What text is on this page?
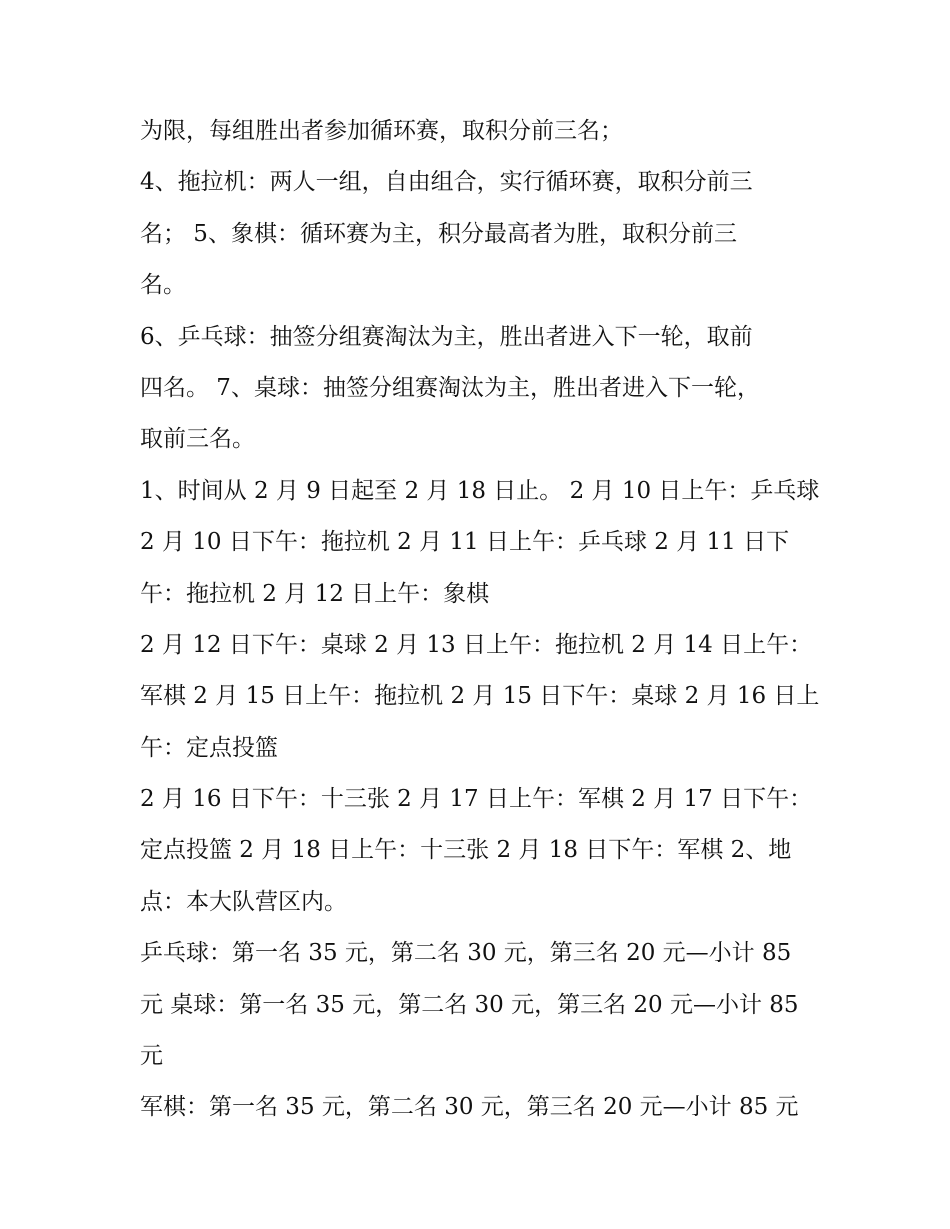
为限，每组胜出者参加循环赛，取积分前三名；
4、拖拉机：两人一组，自由组合，实行循环赛，取积分前三
名； 5、象棋：循环赛为主，积分最高者为胜，取积分前三
名。
6、乒乓球：抽签分组赛淘汰为主，胜出者进入下一轮，取前
四名。 7、桌球：抽签分组赛淘汰为主，胜出者进入下一轮，
取前三名。
1、时间从 2 月 9 日起至 2 月 18 日止。 2 月 10 日上午：乒乓球
2 月 10 日下午：拖拉机 2 月 11 日上午：乒乓球 2 月 11 日下
午：拖拉机 2 月 12 日上午：象棋
2 月 12 日下午：桌球 2 月 13 日上午：拖拉机 2 月 14 日上午：
军棋 2 月 15 日上午：拖拉机 2 月 15 日下午：桌球 2 月 16 日上
午：定点投篮
2 月 16 日下午：十三张 2 月 17 日上午：军棋 2 月 17 日下午：
定点投篮 2 月 18 日上午：十三张 2 月 18 日下午：军棋 2、地
点：本大队营区内。
乒乓球：第一名 35 元，第二名 30 元，第三名 20 元—小计 85
元 桌球：第一名 35 元，第二名 30 元，第三名 20 元—小计 85
元
军棋：第一名 35 元，第二名 30 元，第三名 20 元—小计 85 元
